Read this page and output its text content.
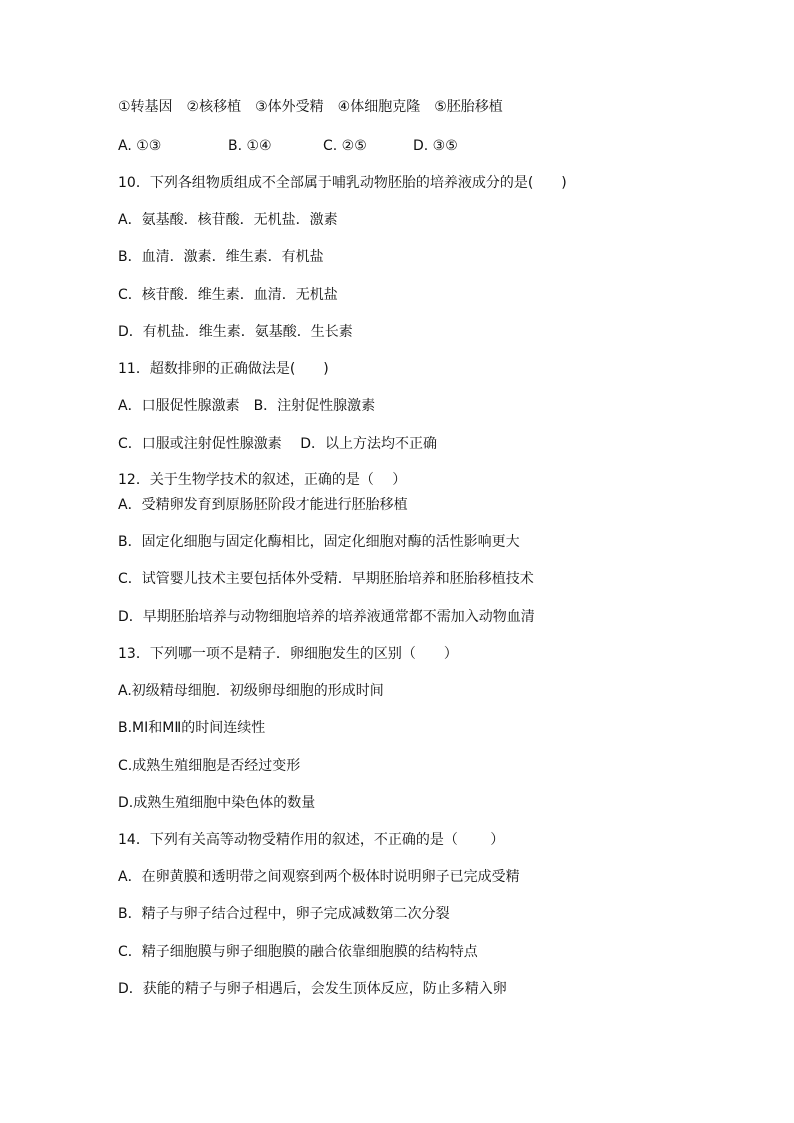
①转基因　②核移植　③体外受精　④体细胞克隆　⑤胚胎移植
A. ①③	B. ①④	C. ②⑤	D. ③⑤
10．下列各组物质组成不全部属于哺乳动物胚胎的培养液成分的是(　　)
A．氨基酸．核苷酸．无机盐．激素
B．血清．激素．维生素．有机盐
C．核苷酸．维生素．血清．无机盐
D．有机盐．维生素．氨基酸．生长素
11．超数排卵的正确做法是(　　)
A．口服促性腺激素　B．注射促性腺激素
C．口服或注射促性腺激素　 D．以上方法均不正确
12．关于生物学技术的叙述，正确的是（　 ）
A．受精卵发育到原肠胚阶段才能进行胚胎移植
B．固定化细胞与固定化酶相比，固定化细胞对酶的活性影响更大
C．试管婴儿技术主要包括体外受精．早期胚胎培养和胚胎移植技术
D．早期胚胎培养与动物细胞培养的培养液通常都不需加入动物血清
13．下列哪一项不是精子．卵细胞发生的区别（　　）
A.初级精母细胞．初级卵母细胞的形成时间
B.MⅠ和MⅡ的时间连续性
C.成熟生殖细胞是否经过变形
D.成熟生殖细胞中染色体的数量
14．下列有关高等动物受精作用的叙述，不正确的是（　　 ）
A．在卵黄膜和透明带之间观察到两个极体时说明卵子已完成受精
B．精子与卵子结合过程中，卵子完成减数第二次分裂
C．精子细胞膜与卵子细胞膜的融合依靠细胞膜的结构特点
D．获能的精子与卵子相遇后，会发生顶体反应，防止多精入卵
